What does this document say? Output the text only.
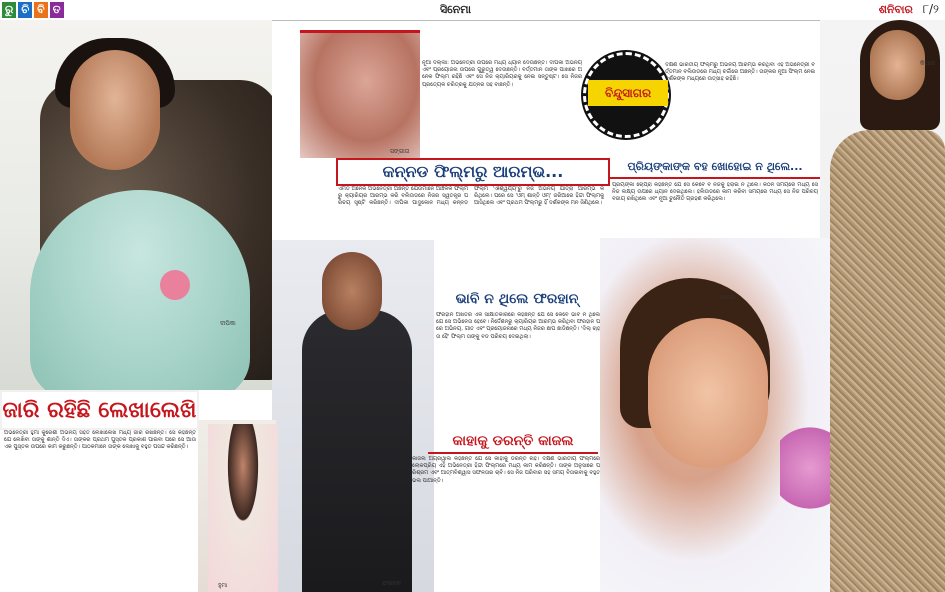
ରୁ ଚି ବି ତ	ସିନେମା	ଶନିବାର ୮/୨
ଦୀପିକା
ସଙ୍ଗୀତା

ନୂଆ ଦିଲ୍ଲୀ: ଅଭିନେତ୍ରୀ ଉପରେ ମଧ୍ୟ ଧ୍ୟାନ ଦେଉଛନ୍ତି। ଦୀପିକା ଅଭିନୟ ଏବଂ ପ୍ରୟୋଜନା ଉପରେ ଗୁରୁତ୍ୱ ଦେଉଛନ୍ତି। ବର୍ତ୍ତମାନ ତାଙ୍କ ପାଖରେ ଅନେକ ଫିଲ୍ମ ରହିଛି ଏବଂ ସେ ନିଜ କ୍ୟାରିୟରକୁ ନେଇ ସନ୍ତୁଷ୍ଟ। ସେ ନିଜର ପ୍ରତ୍ୟେକ ଚରିତ୍ରକୁ ଯତ୍ନର ସହ ବାଛନ୍ତି।

ବିନ୍ଦୁସାଗର

ଦକ୍ଷିଣ ଭାରତୀୟ ଫିଲ୍ମରୁ ଅଭିନୟ ଆରମ୍ଭ କରିଥିବା ଏହି ଅଭିନେତ୍ରୀ ବର୍ତ୍ତମାନ ବଲିଉଡରେ ମଧ୍ୟ ଚର୍ଚ୍ଚାରେ ଅଛନ୍ତି। ତାଙ୍କର ନୂଆ ଫିଲ୍ମ ନେଇ ଦର୍ଶକଙ୍କ ମଧ୍ୟରେ ଉତ୍ସାହ ରହିଛି।

କିଆରା
କନ୍ନଡ ଫିଲ୍ମରୁ ଆରମ୍ଭ...

ଏମିତି ଅନେକ ଅଭିନେତ୍ରୀ ଅଛନ୍ତି ଯେଉଁମାନେ ଆଞ୍ଚଳିକ ଫିଲ୍ମରୁ କ୍ୟାରିୟର ଆରମ୍ଭ କରି ବଲିଉଡରେ ନିଜର ସ୍ୱତନ୍ତ୍ର ପରିଚୟ ସୃଷ୍ଟି କରିଛନ୍ତି। ଦୀପିକା ପାଦୁକୋନ ମଧ୍ୟ କନ୍ନଡ ଫିଲ୍ମ 'ଐଶ୍ୱର୍ଯ୍ୟ'ରୁ ନିଜ ଅଭିନୟ ଯାତ୍ରା ଆରମ୍ଭ କରିଥିଲେ। ପରେ ସେ 'ଓମ୍ ଶାନ୍ତି ଓମ୍' ଜରିଆରେ ହିନ୍ଦୀ ଫିଲ୍ମକୁ ଆସିଥିଲେ ଏବଂ ପ୍ରଥମ ଫିଲ୍ମରୁ ହିଁ ଦର୍ଶକଙ୍କ ମନ ଜିଣିଥିଲେ।

ପ୍ରିୟଙ୍କାଙ୍କ ବହ ଖୋହୋଇ ନ ଥିଲେ...

ପ୍ରିୟଙ୍କା ଚୋପ୍ରା କହିଛନ୍ତି ଯେ ସେ କେବେ ବି ନିଜକୁ ହରାଇ ନ ଥିଲେ। କଠିନ ସମୟରେ ମଧ୍ୟ ସେ ନିଜ ଲକ୍ଷ୍ୟ ଉପରେ ଧ୍ୟାନ ଦେଇଥିଲେ। ହଲିଉଡରେ କାମ କରିବା ସମୟରେ ମଧ୍ୟ ସେ ନିଜ ପରିଚୟ ବଜାୟ ରଖିଥିଲେ ଏବଂ ନୂଆ ଚୁନୌତି ଗ୍ରହଣ କରିଥିଲେ।

ଫରହାନ
ଭାବି ନ ଥିଲେ ଫରହାନ୍

ଫରହାନ ଅଖତର ଏକ ସାକ୍ଷାତକାରରେ କହିଛନ୍ତି ଯେ ସେ କେବେ ଭାବି ନ ଥିଲେ ଯେ ସେ ଅଭିନେତା ହେବେ। ନିର୍ଦ୍ଦେଶନରୁ କ୍ୟାରିୟର ଆରମ୍ଭ କରିଥିବା ଫରହାନ ପରେ ଅଭିନୟ, ଗୀତ ଏବଂ ପ୍ରୟୋଜନାରେ ମଧ୍ୟ ନିଜର ଛାପ ଛାଡିଛନ୍ତି। 'ଦିଲ୍ ଚାହତା ହୈ' ଫିଲ୍ମ ତାଙ୍କୁ ବଡ ପରିଚୟ ଦେଇଥିଲା।

କାଜଲ
ଜାରି ରହିଛି ଲେଖାଲେଖି

ଅଭିନେତ୍ରୀ ହୁମା କୁରେଶୀ ଅଭିନୟ ସହିତ ଲେଖାଲେଖି ମଧ୍ୟ ଜାରି ରଖିଛନ୍ତି। ସେ କହିଛନ୍ତି ଯେ ଲେଖିବା ତାଙ୍କୁ ଶାନ୍ତି ଦିଏ। ତାଙ୍କର ପ୍ରଥମ ପୁସ୍ତକ ପ୍ରକାଶ ପାଇବା ପରେ ସେ ଆଉ ଏକ ପୁସ୍ତକ ଉପରେ କାମ କରୁଛନ୍ତି। ପାଠକମାନେ ତାଙ୍କ ଲେଖାକୁ ବହୁତ ପସନ୍ଦ କରିଛନ୍ତି।

ହୁମା
କାହାକୁ ଡରନ୍ତି କାଜଲ

କାଜଲ ଅଗ୍ରୱାଲ କହିଛନ୍ତି ଯେ ସେ କାହାକୁ ଡରନ୍ତି ନାହିଁ। ଦକ୍ଷିଣ ଭାରତୀୟ ଫିଲ୍ମରେ ଲୋକପ୍ରିୟ ଏହି ଅଭିନେତ୍ରୀ ହିନ୍ଦୀ ଫିଲ୍ମରେ ମଧ୍ୟ କାମ କରିଛନ୍ତି। ତାଙ୍କ ଅନୁସାରେ ପରିଶ୍ରମ ଏବଂ ଆତ୍ମବିଶ୍ୱାସ ସଫଳତାର ଚାବି। ସେ ନିଜ ପରିବାର ସହ ସମୟ ବିତାଇବାକୁ ବହୁତ ଭଲ ପାଆନ୍ତି।
